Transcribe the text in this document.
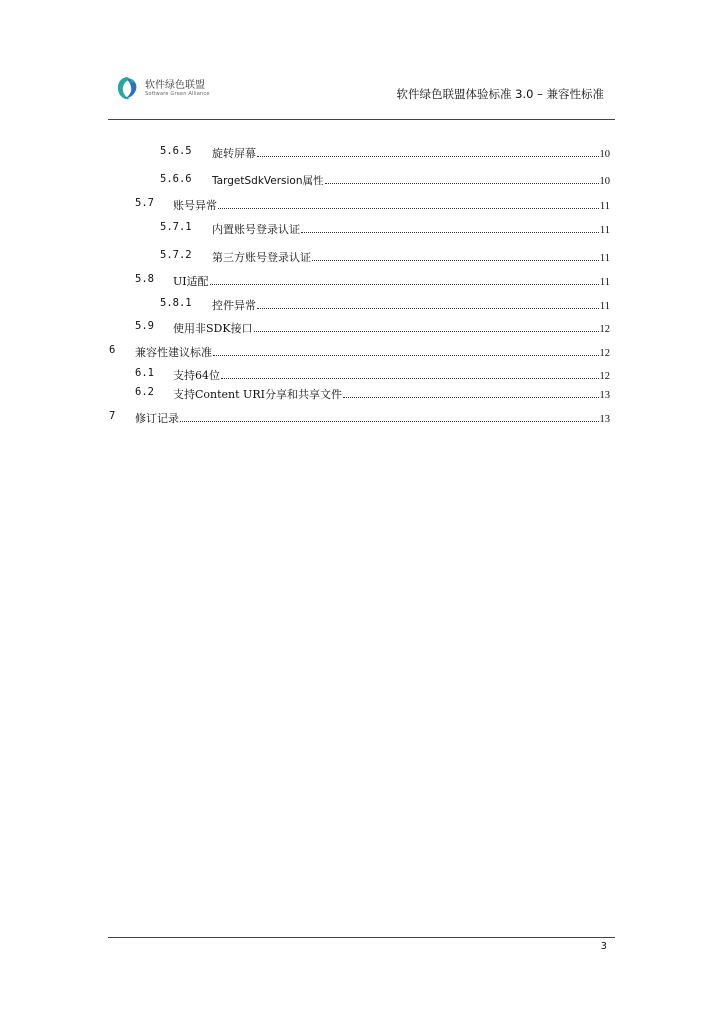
软件绿色联盟
Software Green Alliance	软件绿色联盟体验标准 3.0 – 兼容性标准
5.6.5 旋转屏幕	10
5.6.6 TargetSdkVersion属性	10
5.7 账号异常	11
5.7.1 内置账号登录认证	11
5.7.2 第三方账号登录认证	11
5.8 UI适配	11
5.8.1 控件异常	11
5.9 使用非SDK接口	12
6 兼容性建议标准	12
6.1 支持64位	12
6.2 支持Content URI分享和共享文件	13
7 修订记录	13
3
